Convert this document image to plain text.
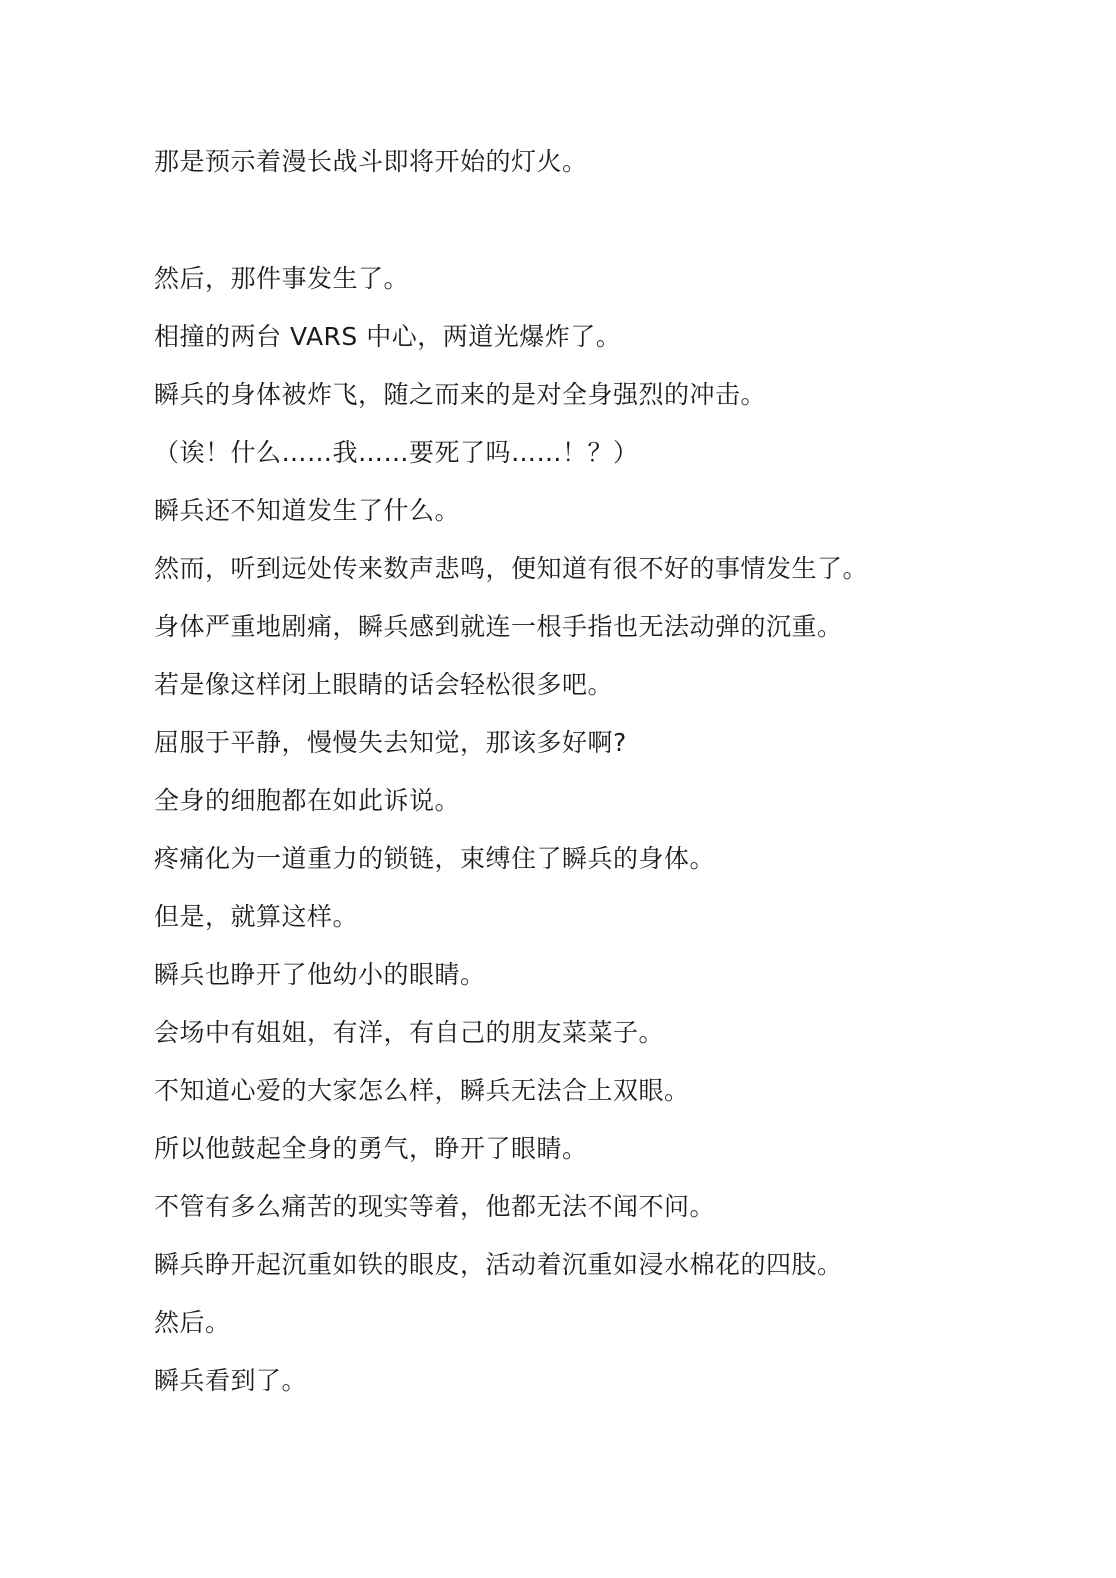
那是预示着漫长战斗即将开始的灯火。

然后，那件事发生了。

相撞的两台 VARS 中心，两道光爆炸了。

瞬兵的身体被炸飞，随之而来的是对全身强烈的冲击。

（诶！什么……我……要死了吗……！？）

瞬兵还不知道发生了什么。

然而，听到远处传来数声悲鸣，便知道有很不好的事情发生了。

身体严重地剧痛，瞬兵感到就连一根手指也无法动弹的沉重。

若是像这样闭上眼睛的话会轻松很多吧。

屈服于平静，慢慢失去知觉，那该多好啊?

全身的细胞都在如此诉说。

疼痛化为一道重力的锁链，束缚住了瞬兵的身体。

但是，就算这样。

瞬兵也睁开了他幼小的眼睛。

会场中有姐姐，有洋，有自己的朋友菜菜子。

不知道心爱的大家怎么样，瞬兵无法合上双眼。

所以他鼓起全身的勇气，睁开了眼睛。

不管有多么痛苦的现实等着，他都无法不闻不问。

瞬兵睁开起沉重如铁的眼皮，活动着沉重如浸水棉花的四肢。

然后。

瞬兵看到了。
